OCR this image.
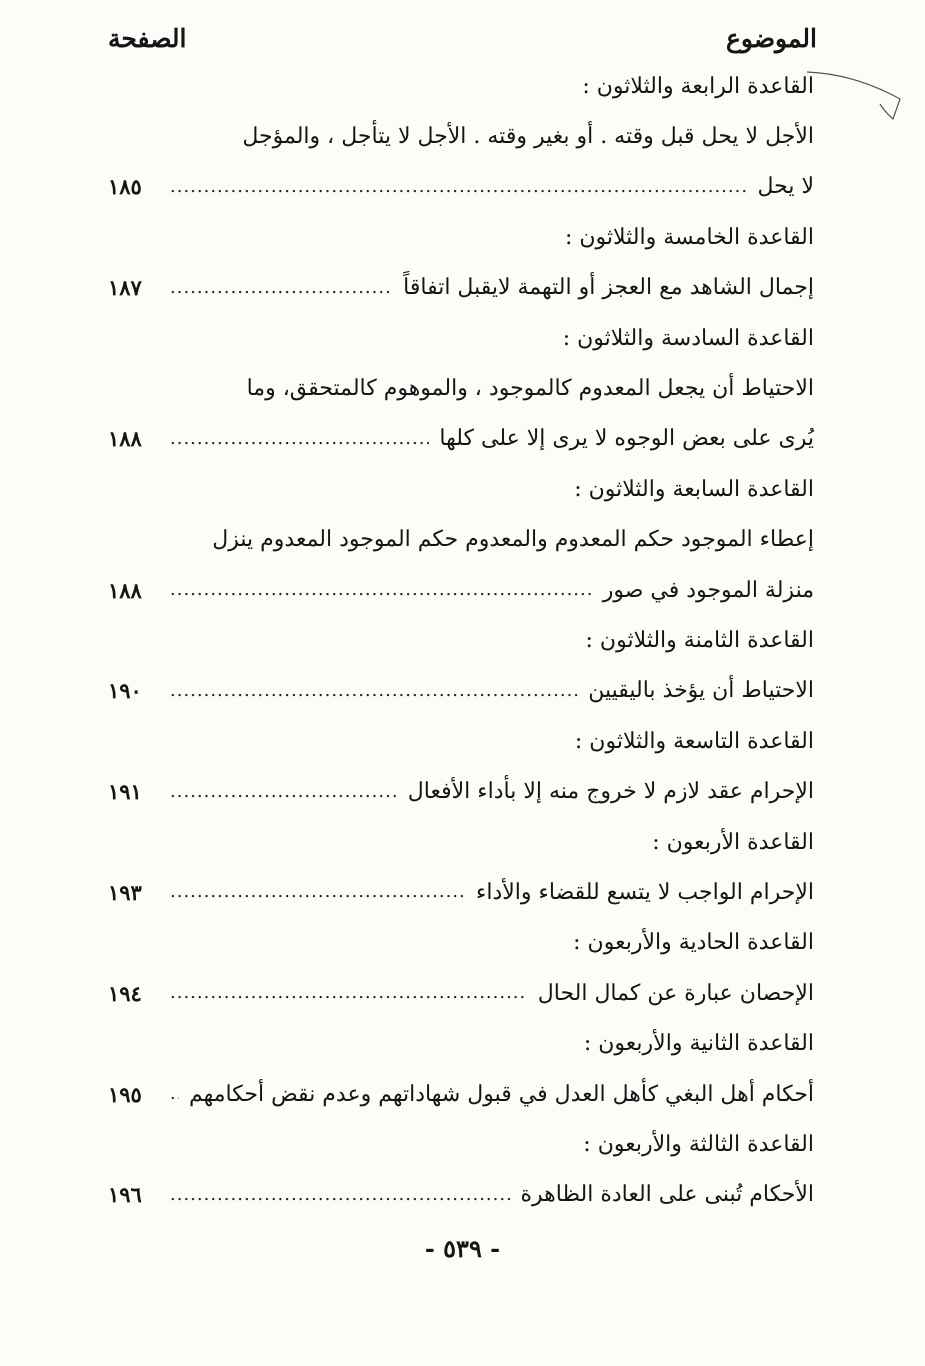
الموضوع
الصفحة
القاعدة الرابعة والثلاثون :
الأجل لا يحل قبل وقته . أو بغير وقته . الأجل لا يتأجل ، والمؤجل
لا يحل
.....
١٨٥
القاعدة الخامسة والثلاثون :
إجمال الشاهد مع العجز أو التهمة لايقبل اتفاقاً
.....
١٨٧
القاعدة السادسة والثلاثون :
الاحتياط أن يجعل المعدوم كالموجود ، والموهوم كالمتحقق، وما
يُرى على بعض الوجوه لا يرى إلا على كلها
.....
١٨٨
القاعدة السابعة والثلاثون :
إعطاء الموجود حكم المعدوم والمعدوم حكم الموجود المعدوم ينزل
منزلة الموجود في صور
.....
١٨٨
القاعدة الثامنة والثلاثون :
الاحتياط أن يؤخذ باليقيين
.....
١٩٠
القاعدة التاسعة والثلاثون :
الإحرام عقد لازم لا خروج منه إلا بأداء الأفعال
.....
١٩١
القاعدة الأربعون :
الإحرام الواجب لا يتسع للقضاء والأداء
.....
١٩٣
القاعدة الحادية والأربعون :
الإحصان عبارة عن كمال الحال
.....
١٩٤
القاعدة الثانية والأربعون :
أحكام أهل البغي كأهل العدل في قبول شهاداتهم وعدم نقض أحكامهم
.....
١٩٥
القاعدة الثالثة والأربعون :
الأحكام تُبنى على العادة الظاهرة
.....
١٩٦
- ٥٣٩ -
